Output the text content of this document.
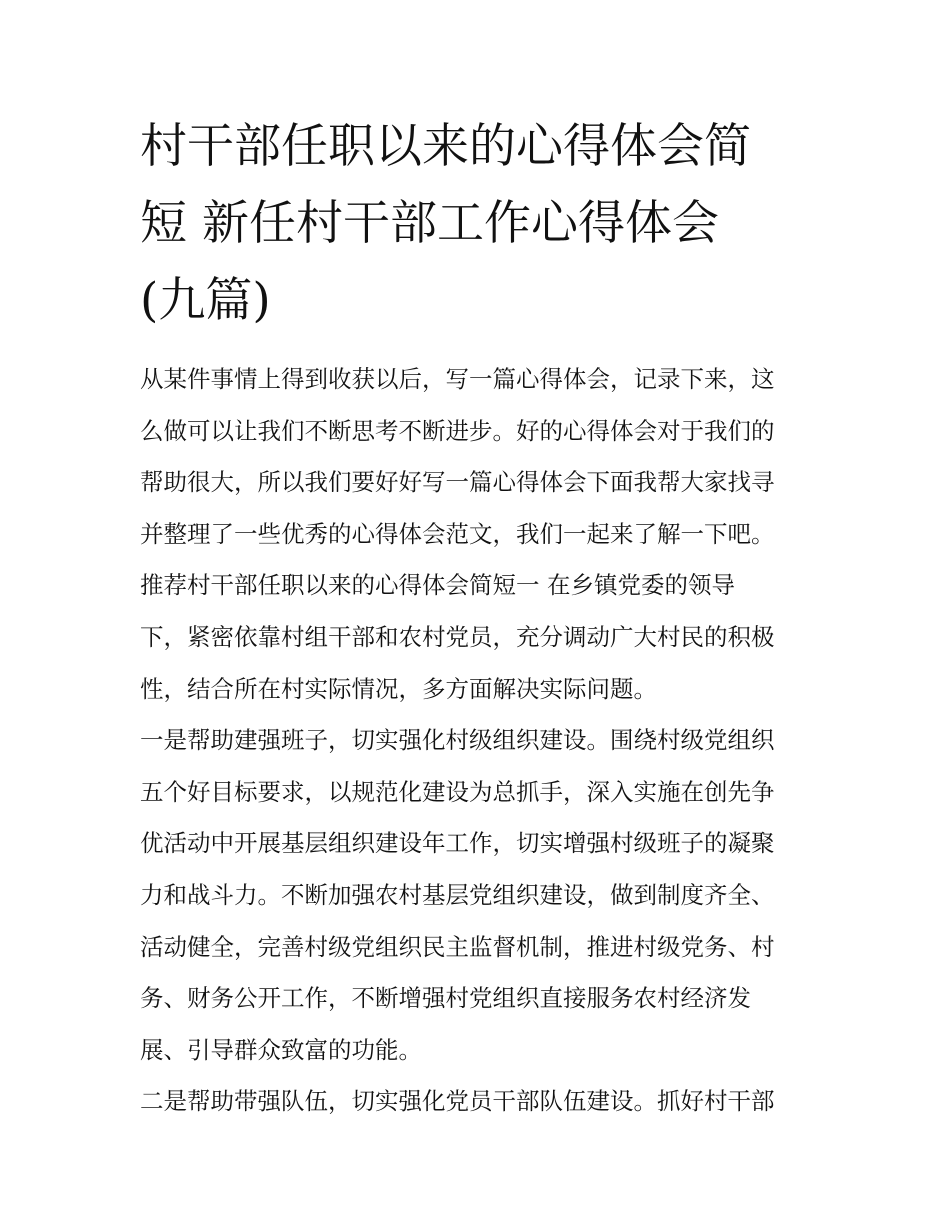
村干部任职以来的心得体会简
短 新任村干部工作心得体会
(九篇)
从某件事情上得到收获以后，写一篇心得体会，记录下来，这
么做可以让我们不断思考不断进步。好的心得体会对于我们的
帮助很大，所以我们要好好写一篇心得体会下面我帮大家找寻
并整理了一些优秀的心得体会范文，我们一起来了解一下吧。
推荐村干部任职以来的心得体会简短一 在乡镇党委的领导
下，紧密依靠村组干部和农村党员，充分调动广大村民的积极
性，结合所在村实际情况，多方面解决实际问题。
一是帮助建强班子，切实强化村级组织建设。围绕村级党组织
五个好目标要求，以规范化建设为总抓手，深入实施在创先争
优活动中开展基层组织建设年工作，切实增强村级班子的凝聚
力和战斗力。不断加强农村基层党组织建设，做到制度齐全、
活动健全，完善村级党组织民主监督机制，推进村级党务、村
务、财务公开工作，不断增强村党组织直接服务农村经济发
展、引导群众致富的功能。
二是帮助带强队伍，切实强化党员干部队伍建设。抓好村干部
